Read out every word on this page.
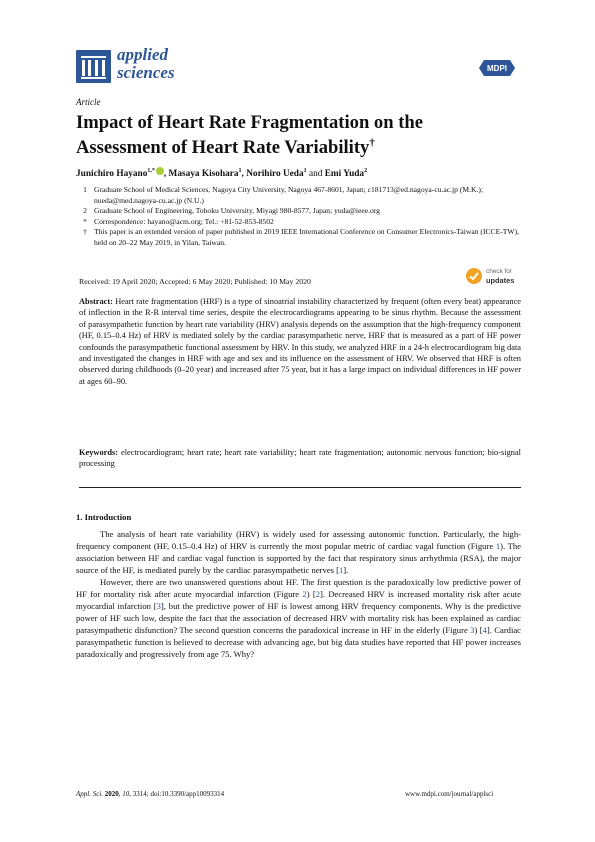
applied
sciences	MDPI
Article
Impact of Heart Rate Fragmentation on the Assessment of Heart Rate Variability†
Junichiro Hayano$^{1,*}$ , Masaya Kisohara$^1$, Norihiro Ueda$^1$ and Emi Yuda$^2$
1 Graduate School of Medical Sciences, Nagoya City University, Nagoya 467-8601, Japan; c181713@ed.nagoya-cu.ac.jp (M.K.); nueda@med.nagoya-cu.ac.jp (N.U.)
2 Graduate School of Engineering, Tohoku University, Miyagi 980-8577, Japan; yuda@ieee.org
* Correspondence: hayano@acm.org; Tel.: +81-52-853-8502
† This paper is an extended version of paper published in 2019 IEEE International Conference on Consumer Electronics-Taiwan (ICCE-TW), held on 20–22 May 2019, in Yilan, Taiwan.
Received: 19 April 2020; Accepted: 6 May 2020; Published: 10 May 2020
check for
updates
Abstract: Heart rate fragmentation (HRF) is a type of sinoatrial instability characterized by frequent (often every beat) appearance of inflection in the R-R interval time series, despite the electrocardiograms appearing to be sinus rhythm. Because the assessment of parasympathetic function by heart rate variability (HRV) analysis depends on the assumption that the high-frequency component (HF, 0.15–0.4 Hz) of HRV is mediated solely by the cardiac parasympathetic nerve, HRF that is measured as a part of HF power confounds the parasympathetic functional assessment by HRV. In this study, we analyzed HRF in a 24-h electrocardiogram big data and investigated the changes in HRF with age and sex and its influence on the assessment of HRV. We observed that HRF is often observed during childhoods (0–20 year) and increased after 75 year, but it has a large impact on individual differences in HF power at ages 60–90.
Keywords: electrocardiogram; heart rate; heart rate variability; heart rate fragmentation; autonomic nervous function; bio-signal processing
1. Introduction

The analysis of heart rate variability (HRV) is widely used for assessing autonomic function. Particularly, the high-frequency component (HF, 0.15–0.4 Hz) of HRV is currently the most popular metric of cardiac vagal function (Figure 1). The association between HF and cardiac vagal function is supported by the fact that respiratory sinus arrhythmia (RSA), the major source of the HF, is mediated purely by the cardiac parasympathetic nerves [1].

However, there are two unanswered questions about HF. The first question is the paradoxically low predictive power of HF for mortality risk after acute myocardial infarction (Figure 2) [2]. Decreased HRV is increased mortality risk after acute myocardial infarction [3], but the predictive power of HF is lowest among HRV frequency components. Why is the predictive power of HF such low, despite the fact that the association of decreased HRV with mortality risk has been explained as cardiac parasympathetic disfunction? The second question concerns the paradoxical increase in HF in the elderly (Figure 3) [4]. Cardiac parasympathetic function is believed to decrease with advancing age, but big data studies have reported that HF power increases paradoxically and progressively from age 75. Why?

Appl. Sci. 2020, 10, 3314; doi:10.3390/app10093314	www.mdpi.com/journal/applsci
